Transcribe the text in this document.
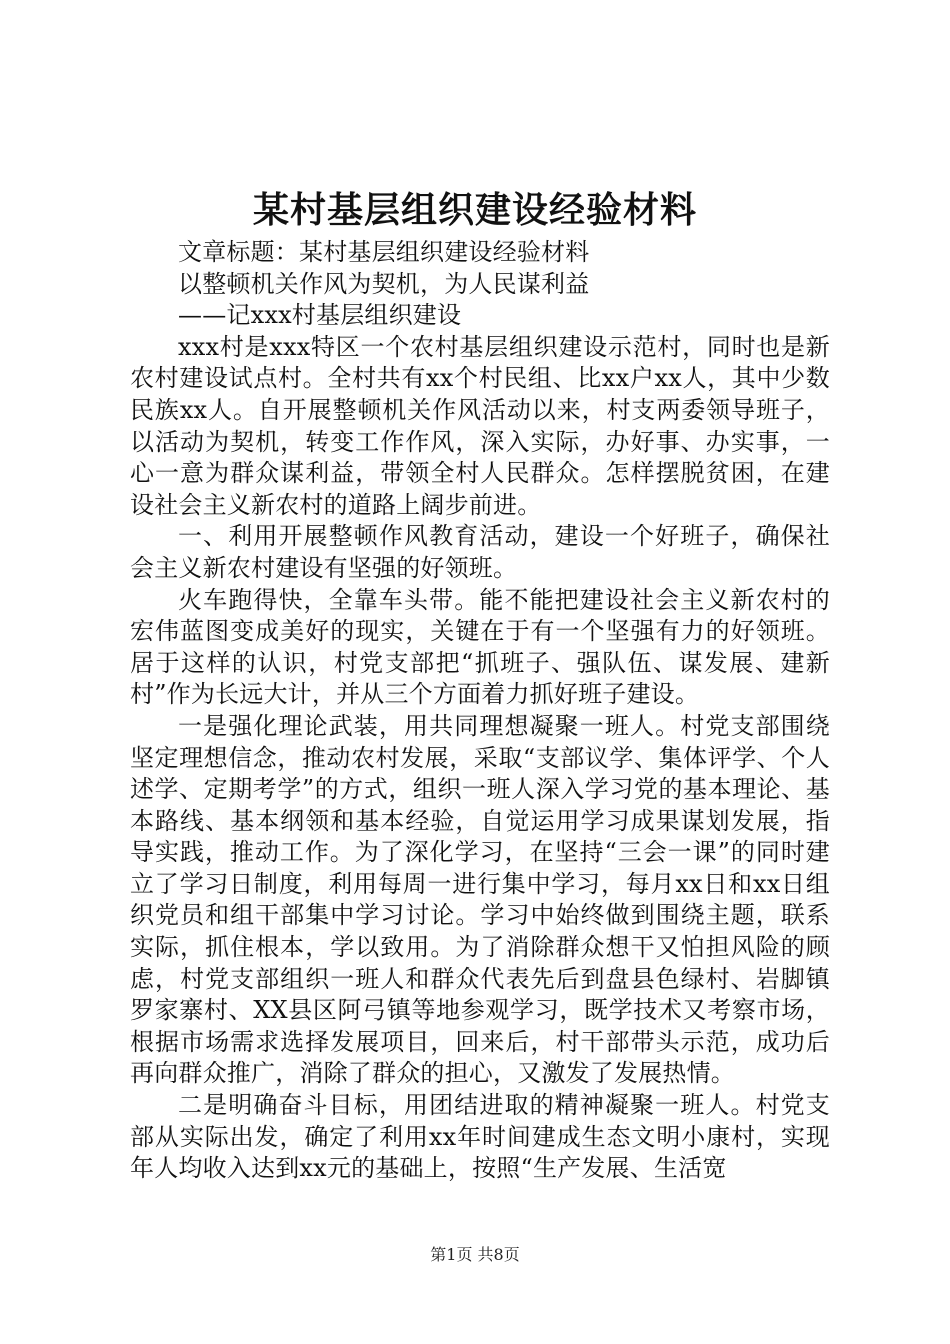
某村基层组织建设经验材料

文章标题：某村基层组织建设经验材料

以整顿机关作风为契机，为人民谋利益

——记xxx村基层组织建设

xxx村是xxx特区一个农村基层组织建设示范村，同时也是新农村建设试点村。全村共有xx个村民组、比xx户xx人，其中少数民族xx人。自开展整顿机关作风活动以来，村支两委领导班子，以活动为契机，转变工作作风，深入实际，办好事、办实事，一心一意为群众谋利益，带领全村人民群众。怎样摆脱贫困，在建设社会主义新农村的道路上阔步前进。

一、利用开展整顿作风教育活动，建设一个好班子，确保社会主义新农村建设有坚强的好领班。

火车跑得快，全靠车头带。能不能把建设社会主义新农村的宏伟蓝图变成美好的现实，关键在于有一个坚强有力的好领班。居于这样的认识，村党支部把“抓班子、强队伍、谋发展、建新村”作为长远大计，并从三个方面着力抓好班子建设。

一是强化理论武装，用共同理想凝聚一班人。村党支部围绕坚定理想信念，推动农村发展，采取“支部议学、集体评学、个人述学、定期考学”的方式，组织一班人深入学习党的基本理论、基本路线、基本纲领和基本经验，自觉运用学习成果谋划发展，指导实践，推动工作。为了深化学习，在坚持“三会一课”的同时建立了学习日制度，利用每周一进行集中学习，每月xx日和xx日组织党员和组干部集中学习讨论。学习中始终做到围绕主题，联系实际，抓住根本，学以致用。为了消除群众想干又怕担风险的顾虑，村党支部组织一班人和群众代表先后到盘县色绿村、岩脚镇罗家寨村、XX县区阿弓镇等地参观学习，既学技术又考察市场，根据市场需求选择发展项目，回来后，村干部带头示范，成功后再向群众推广，消除了群众的担心，又激发了发展热情。

二是明确奋斗目标，用团结进取的精神凝聚一班人。村党支部从实际出发，确定了利用xx年时间建成生态文明小康村，实现年人均收入达到xx元的基础上，按照“生产发展、生活宽

第1页 共8页
